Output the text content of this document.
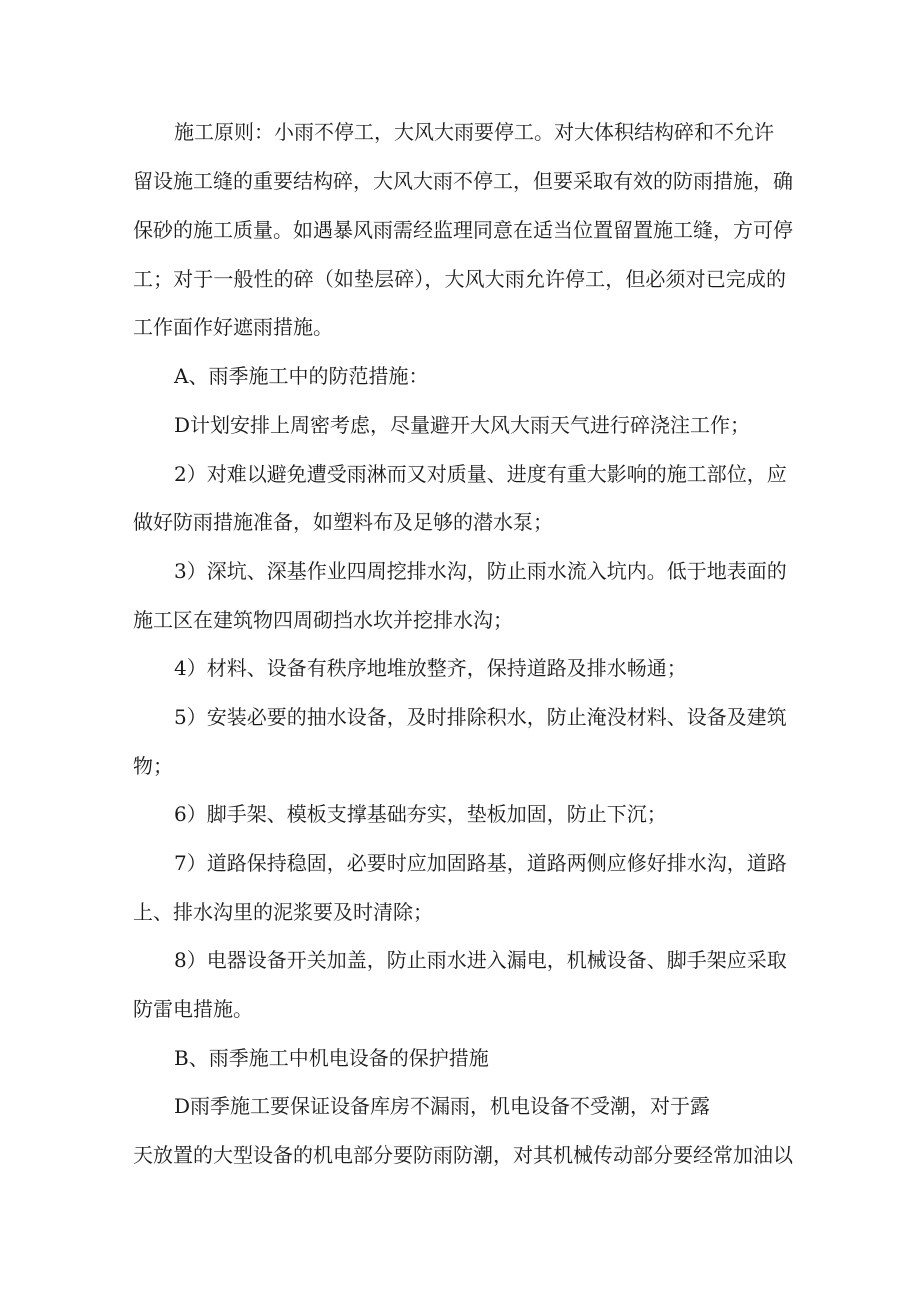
施工原则：小雨不停工，大风大雨要停工。对大体积结构碎和不允许
留设施工缝的重要结构碎，大风大雨不停工，但要采取有效的防雨措施，确
保砂的施工质量。如遇暴风雨需经监理同意在适当位置留置施工缝，方可停
工；对于一般性的碎（如垫层碎），大风大雨允许停工，但必须对已完成的
工作面作好遮雨措施。
A、雨季施工中的防范措施：
D计划安排上周密考虑，尽量避开大风大雨天气进行碎浇注工作；
2）对难以避免遭受雨淋而又对质量、进度有重大影响的施工部位，应
做好防雨措施准备，如塑料布及足够的潜水泵；
3）深坑、深基作业四周挖排水沟，防止雨水流入坑内。低于地表面的
施工区在建筑物四周砌挡水坎并挖排水沟；
4）材料、设备有秩序地堆放整齐，保持道路及排水畅通；
5）安装必要的抽水设备，及时排除积水，防止淹没材料、设备及建筑
物；
6）脚手架、模板支撑基础夯实，垫板加固，防止下沉；
7）道路保持稳固，必要时应加固路基，道路两侧应修好排水沟，道路
上、排水沟里的泥浆要及时清除；
8）电器设备开关加盖，防止雨水进入漏电，机械设备、脚手架应采取
防雷电措施。
B、雨季施工中机电设备的保护措施
D雨季施工要保证设备库房不漏雨，机电设备不受潮，对于露
天放置的大型设备的机电部分要防雨防潮，对其机械传动部分要经常加油以
